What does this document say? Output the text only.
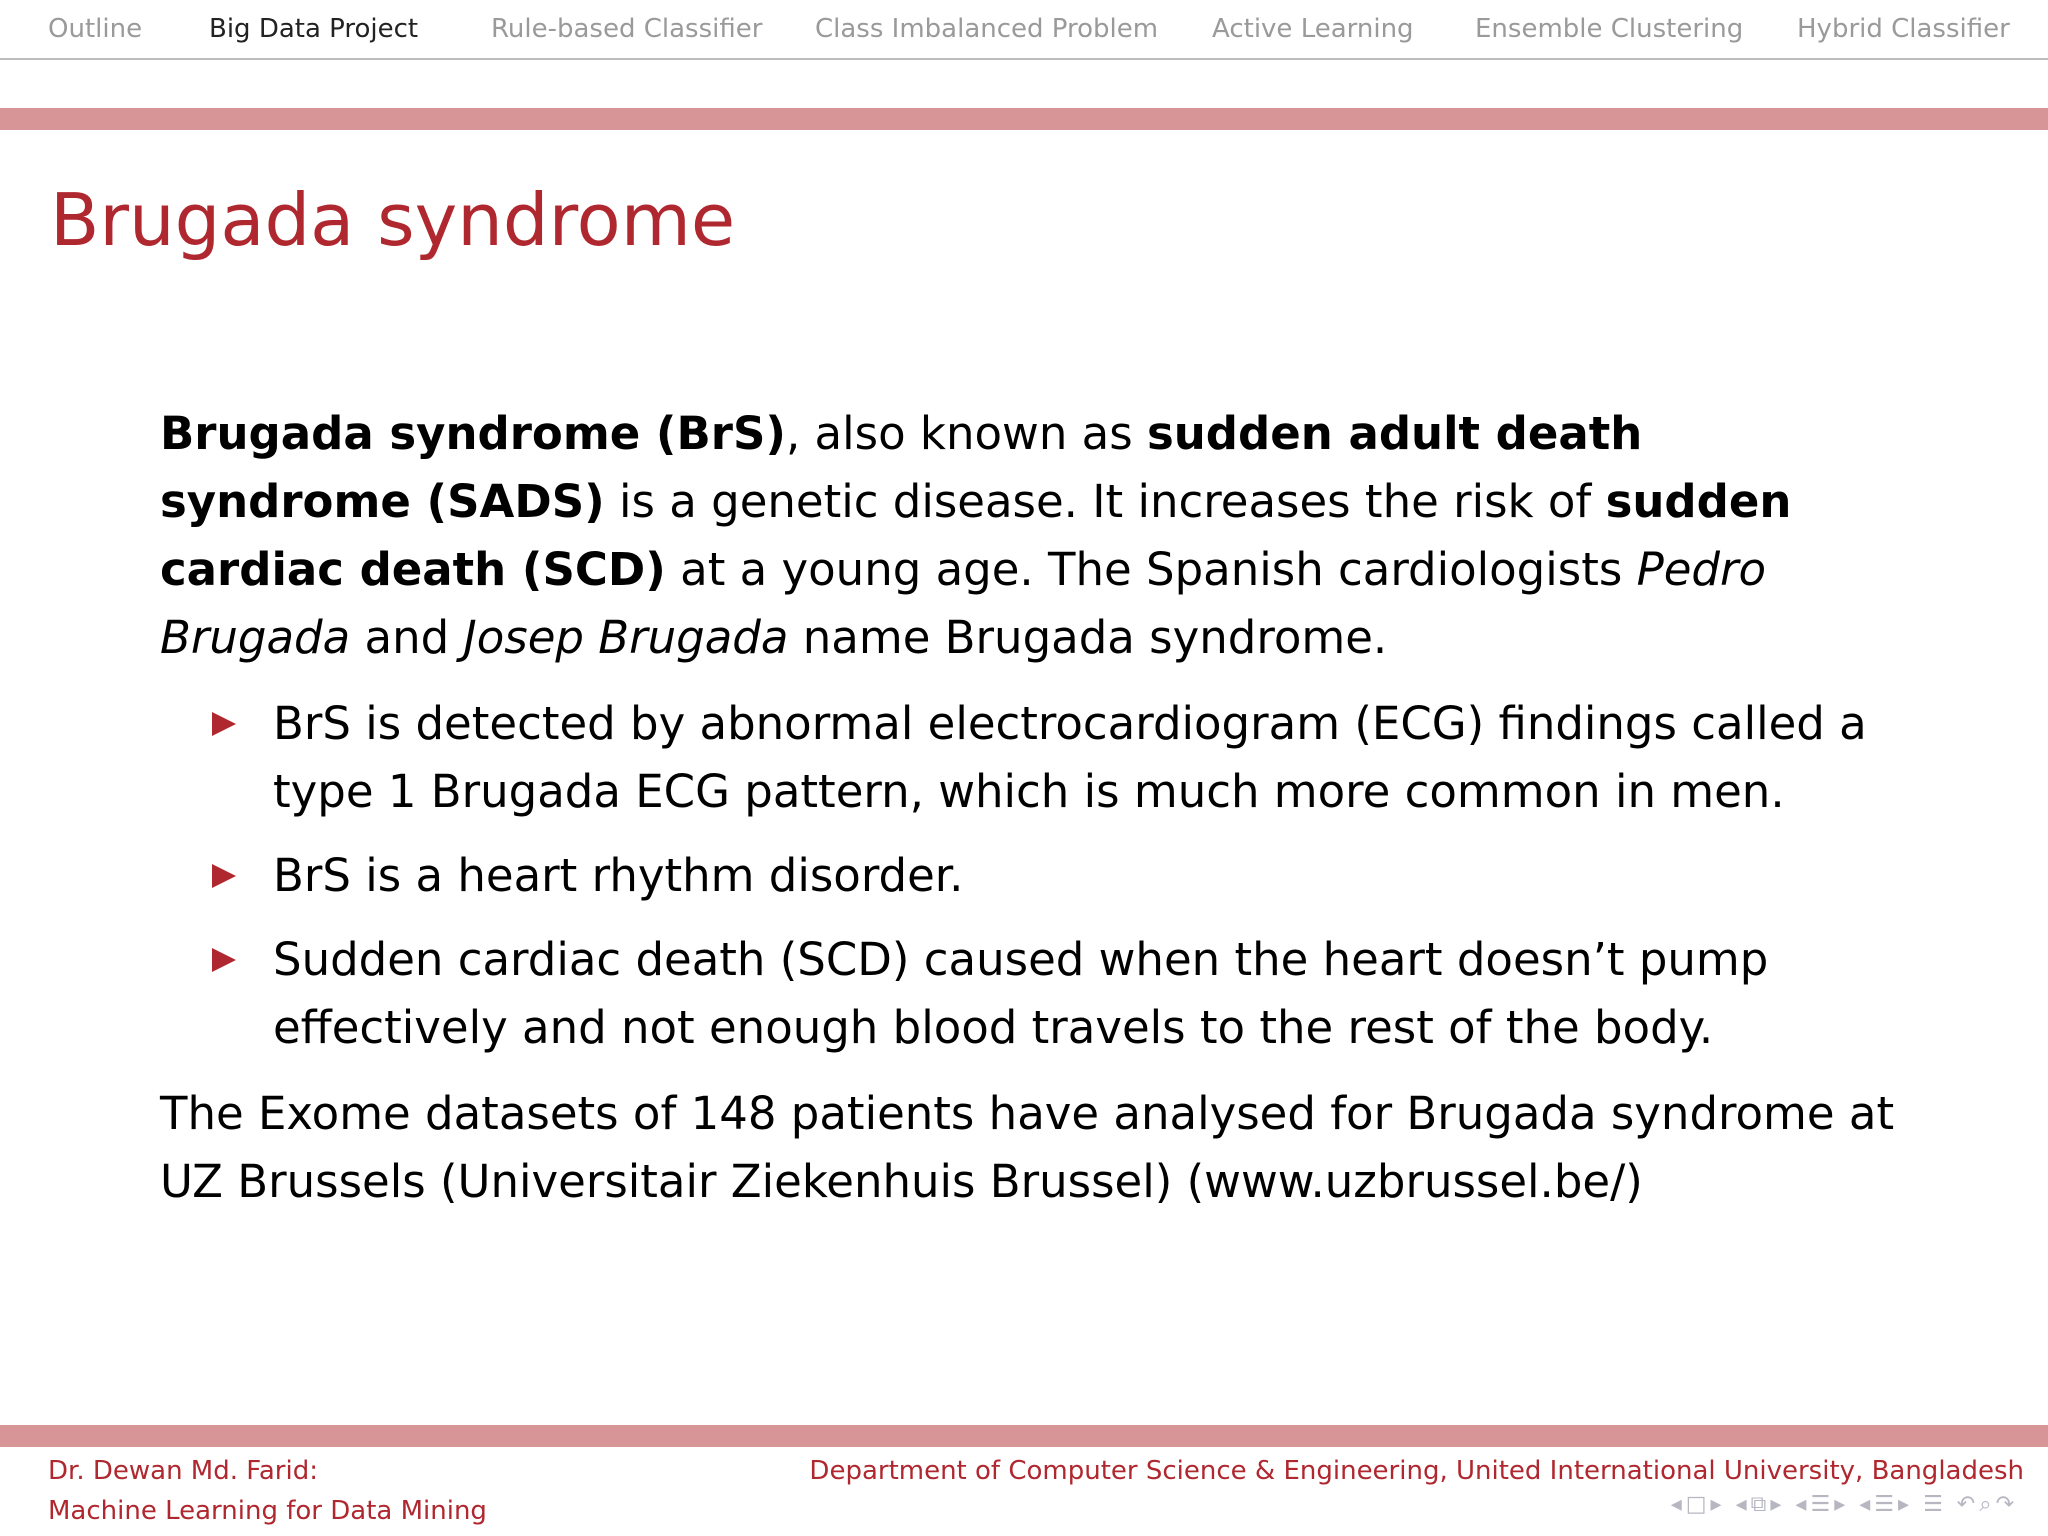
Outline	Big Data Project	Rule-based Classifier Class Imbalanced Problem Active Learning Ensemble Clustering Hybrid Classifier
Brugada syndrome

Brugada syndrome (BrS), also known as sudden adult death syndrome (SADS) is a genetic disease. It increases the risk of sudden cardiac death (SCD) at a young age. The Spanish cardiologists Pedro Brugada and Josep Brugada name Brugada syndrome.

BrS is detected by abnormal electrocardiogram (ECG) findings called a type 1 Brugada ECG pattern, which is much more common in men.
BrS is a heart rhythm disorder.
Sudden cardiac death (SCD) caused when the heart doesn’t pump effectively and not enough blood travels to the rest of the body.

The Exome datasets of 148 patients have analysed for Brugada syndrome at UZ Brussels (Universitair Ziekenhuis Brussel) (www.uzbrussel.be/)

Dr. Dewan Md. Farid:
Machine Learning for Data Mining
Department of Computer Science & Engineering, United International University, Bangladesh
◂ □ ▸ ◂ ⧉ ▸ ◂ ☰ ▸ ◂ ☰ ▸ ☰ ↶ ⌕ ↷
